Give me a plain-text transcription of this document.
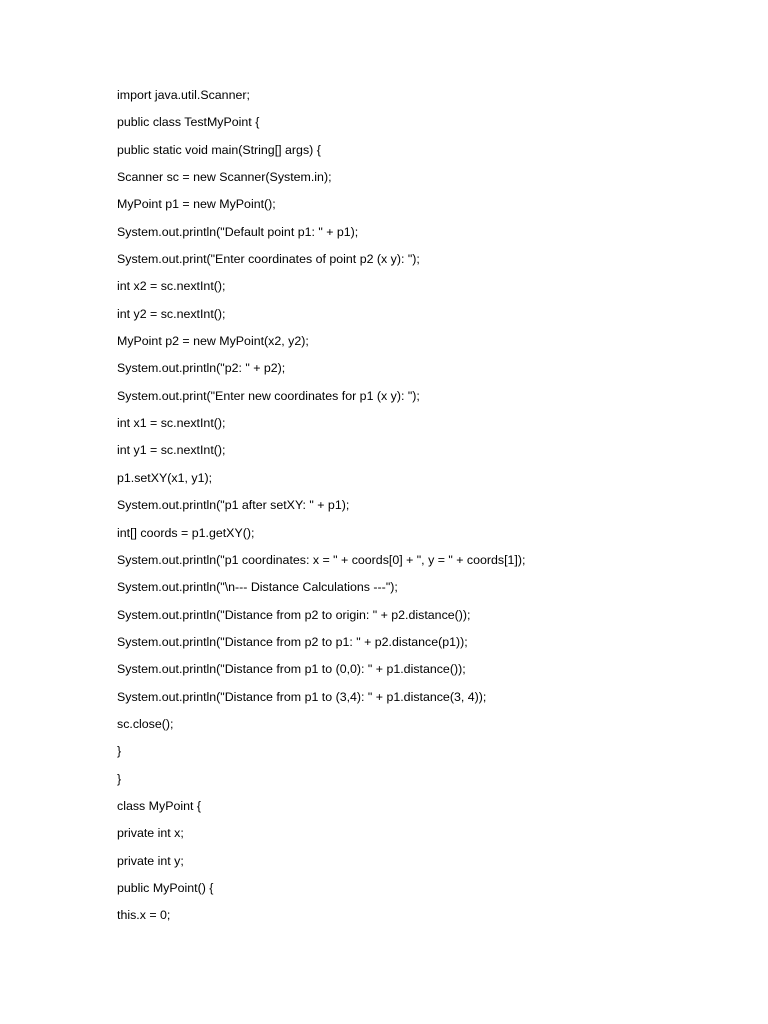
import java.util.Scanner;
public class TestMyPoint {
public static void main(String[] args) {
Scanner sc = new Scanner(System.in);
MyPoint p1 = new MyPoint();
System.out.println("Default point p1: " + p1);
System.out.print("Enter coordinates of point p2 (x y): ");
int x2 = sc.nextInt();
int y2 = sc.nextInt();
MyPoint p2 = new MyPoint(x2, y2);
System.out.println("p2: " + p2);
System.out.print("Enter new coordinates for p1 (x y): ");
int x1 = sc.nextInt();
int y1 = sc.nextInt();
p1.setXY(x1, y1);
System.out.println("p1 after setXY: " + p1);
int[] coords = p1.getXY();
System.out.println("p1 coordinates: x = " + coords[0] + ", y = " + coords[1]);
System.out.println("\n--- Distance Calculations ---");
System.out.println("Distance from p2 to origin: " + p2.distance());
System.out.println("Distance from p2 to p1: " + p2.distance(p1));
System.out.println("Distance from p1 to (0,0): " + p1.distance());
System.out.println("Distance from p1 to (3,4): " + p1.distance(3, 4));
sc.close();
}
}
class MyPoint {
private int x;
private int y;
public MyPoint() {
this.x = 0;
